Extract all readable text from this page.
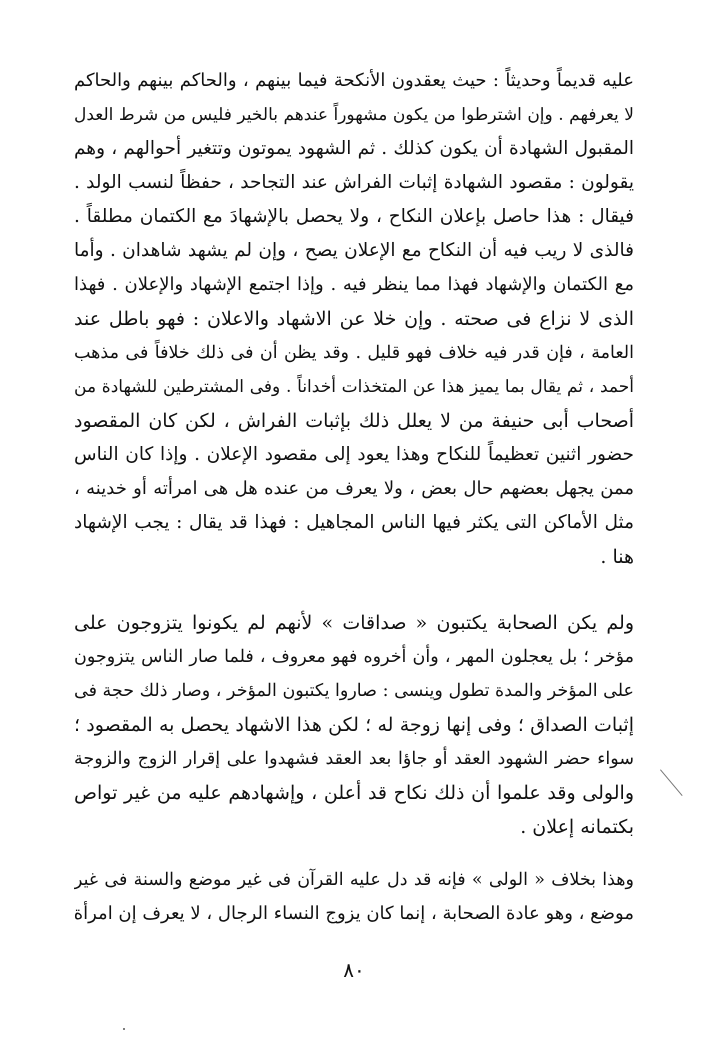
عليه قديماً وحديثاً : حيث يعقدون الأنكحة فيما بينهم ، والحاكم بينهم والحاكم
لا يعرفهم . وإن اشترطوا من يكون مشهوراً عندهم بالخير فليس من شرط العدل
المقبول الشهادة أن يكون كذلك . ثم الشهود يموتون وتتغير أحوالهم ، وهم
يقولون : مقصود الشهادة إثبات الفراش عند التجاحد ، حفظاً لنسب الولد .
فيقال : هذا حاصل بإعلان النكاح ، ولا يحصل بالإشهادَ مع الكتمان مطلقاً .
فالذى لا ريب فيه أن النكاح مع الإعلان يصح ، وإن لم يشهد شاهدان . وأما
مع الكتمان والإشهاد فهذا مما ينظر فيه . وإذا اجتمع الإشهاد والإعلان . فهذا
الذى لا نزاع فى صحته . وإن خلا عن الاشهاد والاعلان : فهو باطل عند
العامة ، فإن قدر فيه خلاف فهو قليل . وقد يظن أن فى ذلك خلافاً فى مذهب
أحمد ، ثم يقال بما يميز هذا عن المتخذات أخداناً . وفى المشترطين للشهادة من
أصحاب أبى حنيفة من لا يعلل ذلك بإثبات الفراش ، لكن كان المقصود
حضور اثنين تعظيماً للنكاح وهذا يعود إلى مقصود الإعلان . وإذا كان الناس
ممن يجهل بعضهم حال بعض ، ولا يعرف من عنده هل هى امرأته أو خدينه ،
مثل الأماكن التى يكثر فيها الناس المجاهيل : فهذا قد يقال : يجب الإشهاد
هنا .
ولم يكن الصحابة يكتبون « صداقات » لأنهم لم يكونوا يتزوجون على
مؤخر ؛ بل يعجلون المهر ، وأن أخروه فهو معروف ، فلما صار الناس يتزوجون
على المؤخر والمدة تطول وينسى : صاروا يكتبون المؤخر ، وصار ذلك حجة فى
إثبات الصداق ؛ وفى إنها زوجة له ؛ لكن هذا الاشهاد يحصل به المقصود ؛
سواء حضر الشهود العقد أو جاؤا بعد العقد فشهدوا على إقرار الزوج والزوجة
والولى وقد علموا أن ذلك نكاح قد أعلن ، وإشهادهم عليه من غير تواص
بكتمانه إعلان .
وهذا بخلاف « الولى » فإنه قد دل عليه القرآن فى غير موضع والسنة فى غير
موضع ، وهو عادة الصحابة ، إنما كان يزوج النساء الرجال ، لا يعرف إن امرأة
٨٠
